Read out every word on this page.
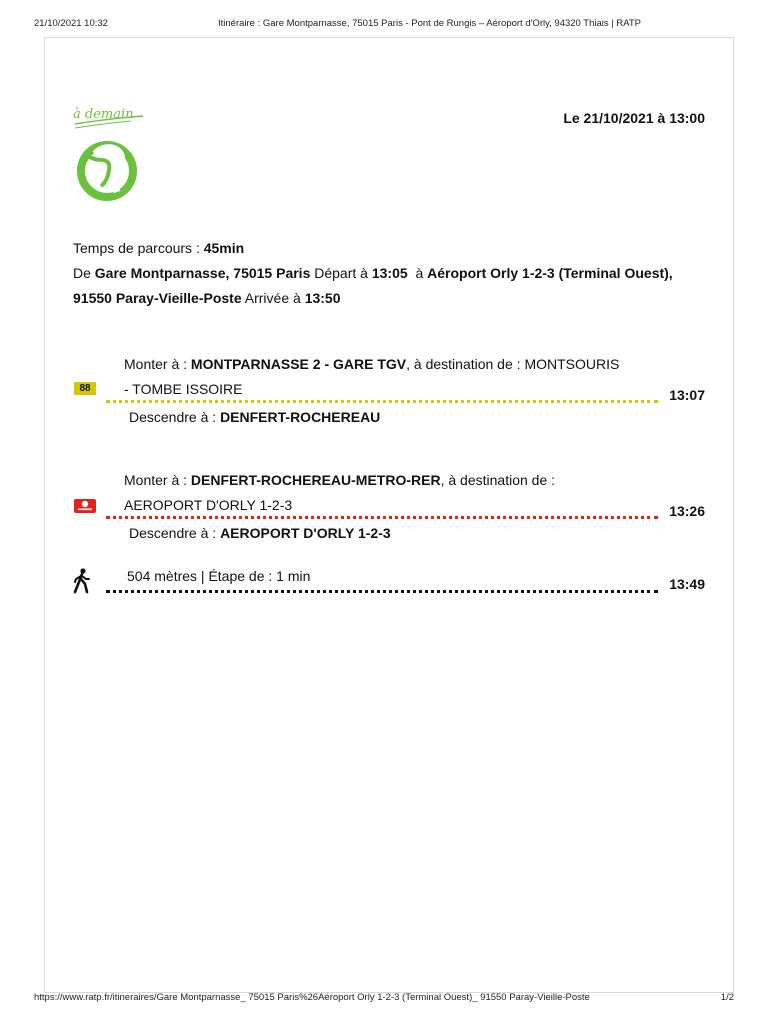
21/10/2021 10:32	Itinéraire : Gare Montparnasse, 75015 Paris - Pont de Rungis – Aéroport d'Orly, 94320 Thiais | RATP
à demain	Le 21/10/2021 à 13:00
Temps de parcours : 45min
De Gare Montparnasse, 75015 Paris Départ à 13:05 à Aéroport Orly 1-2-3 (Terminal Ouest), 91550 Paray-Vieille-Poste Arrivée à 13:50
88
Monter à : MONTPARNASSE 2 - GARE TGV, à destination de : MONTSOURIS
- TOMBE ISSOIRE	13:07
Descendre à : DENFERT-ROCHEREAU
Monter à : DENFERT-ROCHEREAU-METRO-RER, à destination de :
AEROPORT D'ORLY 1-2-3	13:26
Descendre à : AEROPORT D'ORLY 1-2-3
504 mètres | Étape de : 1 min	13:49
https://www.ratp.fr/itineraires/Gare Montparnasse_ 75015 Paris%26Aéroport Orly 1-2-3 (Terminal Ouest)_ 91550 Paray-Vieille-Poste	1/2
